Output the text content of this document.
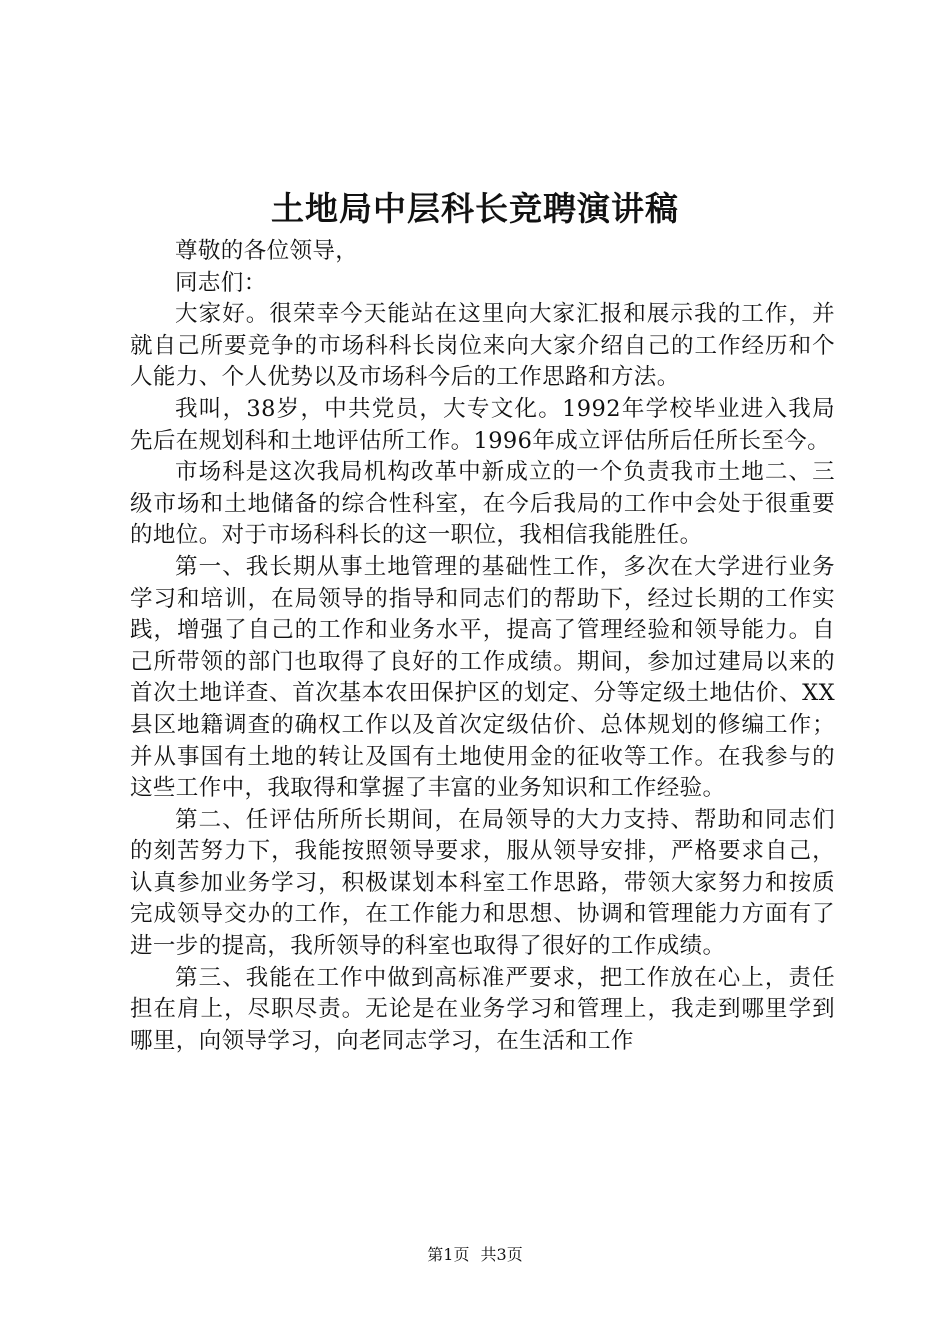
土地局中层科长竞聘演讲稿

尊敬的各位领导，

同志们：

大家好。很荣幸今天能站在这里向大家汇报和展示我的工作，并就自己所要竞争的市场科科长岗位来向大家介绍自己的工作经历和个人能力、个人优势以及市场科今后的工作思路和方法。

我叫，38岁，中共党员，大专文化。1992年学校毕业进入我局先后在规划科和土地评估所工作。1996年成立评估所后任所长至今。

市场科是这次我局机构改革中新成立的一个负责我市土地二、三级市场和土地储备的综合性科室，在今后我局的工作中会处于很重要的地位。对于市场科科长的这一职位，我相信我能胜任。

第一、我长期从事土地管理的基础性工作，多次在大学进行业务学习和培训，在局领导的指导和同志们的帮助下，经过长期的工作实践，增强了自己的工作和业务水平，提高了管理经验和领导能力。自己所带领的部门也取得了良好的工作成绩。期间，参加过建局以来的首次土地详查、首次基本农田保护区的划定、分等定级土地估价、XX县区地籍调查的确权工作以及首次定级估价、总体规划的修编工作；并从事国有土地的转让及国有土地使用金的征收等工作。在我参与的这些工作中，我取得和掌握了丰富的业务知识和工作经验。

第二、任评估所所长期间，在局领导的大力支持、帮助和同志们的刻苦努力下，我能按照领导要求，服从领导安排，严格要求自己，认真参加业务学习，积极谋划本科室工作思路，带领大家努力和按质完成领导交办的工作，在工作能力和思想、协调和管理能力方面有了进一步的提高，我所领导的科室也取得了很好的工作成绩。

第三、我能在工作中做到高标准严要求，把工作放在心上，责任担在肩上，尽职尽责。无论是在业务学习和管理上，我走到哪里学到哪里，向领导学习，向老同志学习，在生活和工作

第1页 共3页
